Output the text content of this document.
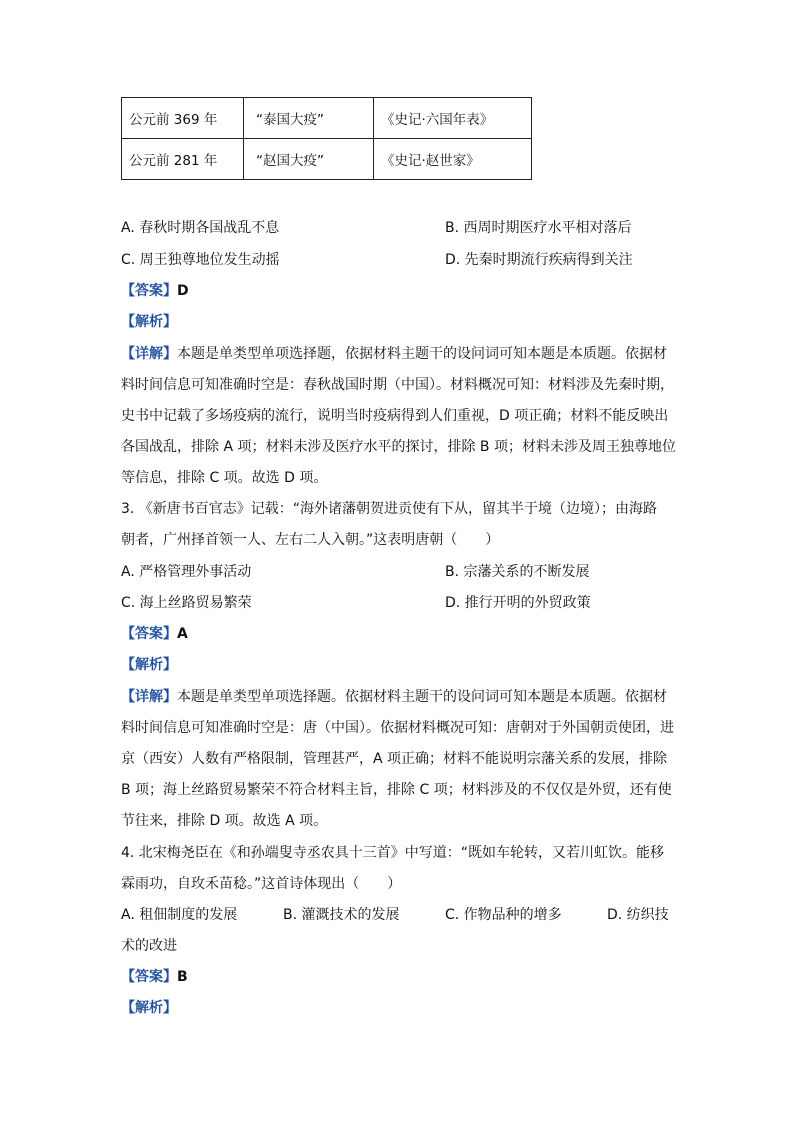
公元前 369 年	“泰国大疫”	《史记·六国年表》
公元前 281 年	“赵国大疫”	《史记·赵世家》
A. 春秋时期各国战乱不息	B. 西周时期医疗水平相对落后
C. 周王独尊地位发生动摇	D. 先秦时期流行疾病得到关注
【答案】D
【解析】
【详解】本题是单类型单项选择题，依据材料主题干的设问词可知本题是本质题。依据材
料时间信息可知准确时空是：春秋战国时期（中国）。材料概况可知：材料涉及先秦时期，
史书中记载了多场疫病的流行，说明当时疫病得到人们重视，D 项正确；材料不能反映出
各国战乱，排除 A 项；材料未涉及医疗水平的探讨，排除 B 项；材料未涉及周王独尊地位
等信息，排除 C 项。故选 D 项。
3. 《新唐书百官志》记载：“海外诸藩朝贺进贡使有下从，留其半于境（边境）；由海路
朝者，广州择首领一人、左右二人入朝。”这表明唐朝（　　）
A. 严格管理外事活动	B. 宗藩关系的不断发展
C. 海上丝路贸易繁荣	D. 推行开明的外贸政策
【答案】A
【解析】
【详解】本题是单类型单项选择题。依据材料主题干的设问词可知本题是本质题。依据材
料时间信息可知准确时空是：唐（中国）。依据材料概况可知：唐朝对于外国朝贡使团，进
京（西安）人数有严格限制，管理甚严，A 项正确；材料不能说明宗藩关系的发展，排除
B 项；海上丝路贸易繁荣不符合材料主旨，排除 C 项；材料涉及的不仅仅是外贸，还有使
节往来，排除 D 项。故选 A 项。
4. 北宋梅尧臣在《和孙端叟寺丞农具十三首》中写道：“既如车轮转，又若川虹饮。能移
霖雨功，自玫禾苗稔。”这首诗体现出（　　）
A. 租佃制度的发展	B. 灌溉技术的发展	C. 作物品种的增多	D. 纺织技
术的改进
【答案】B
【解析】
